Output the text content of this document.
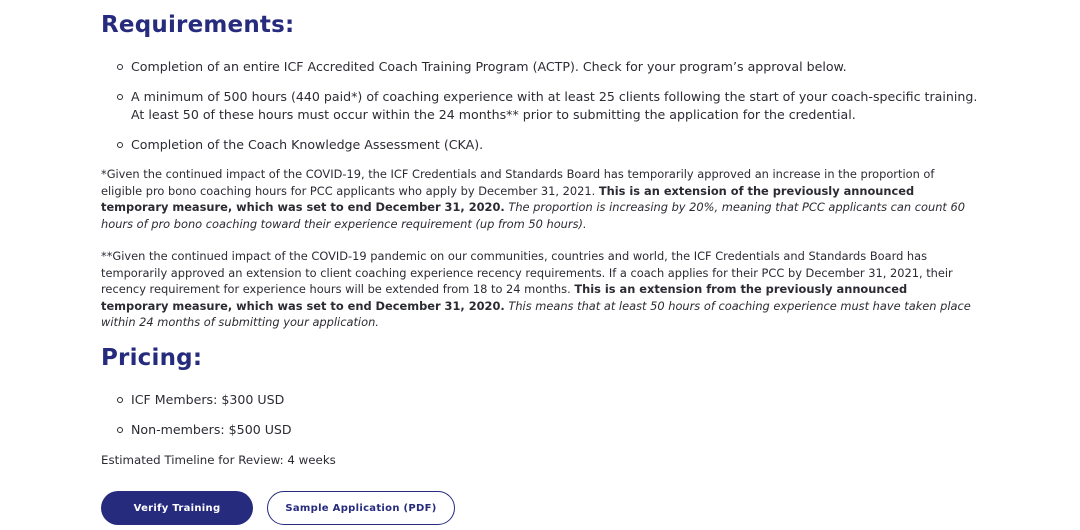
Requirements:
Completion of an entire ICF Accredited Coach Training Program (ACTP). Check for your program’s approval below.
A minimum of 500 hours (440 paid*) of coaching experience with at least 25 clients following the start of your coach-specific training. At least 50 of these hours must occur within the 24 months** prior to submitting the application for the credential.
Completion of the Coach Knowledge Assessment (CKA).

*Given the continued impact of the COVID-19, the ICF Credentials and Standards Board has temporarily approved an increase in the proportion of eligible pro bono coaching hours for PCC applicants who apply by December 31, 2021. This is an extension of the previously announced temporary measure, which was set to end December 31, 2020. The proportion is increasing by 20%, meaning that PCC applicants can count 60 hours of pro bono coaching toward their experience requirement (up from 50 hours).

**Given the continued impact of the COVID-19 pandemic on our communities, countries and world, the ICF Credentials and Standards Board has temporarily approved an extension to client coaching experience recency requirements. If a coach applies for their PCC by December 31, 2021, their recency requirement for experience hours will be extended from 18 to 24 months. This is an extension from the previously announced temporary measure, which was set to end December 31, 2020. This means that at least 50 hours of coaching experience must have taken place within 24 months of submitting your application.

Pricing:
ICF Members: $300 USD
Non-members: $500 USD
Estimated Timeline for Review: 4 weeks
Verify Training	Sample Application (PDF)
